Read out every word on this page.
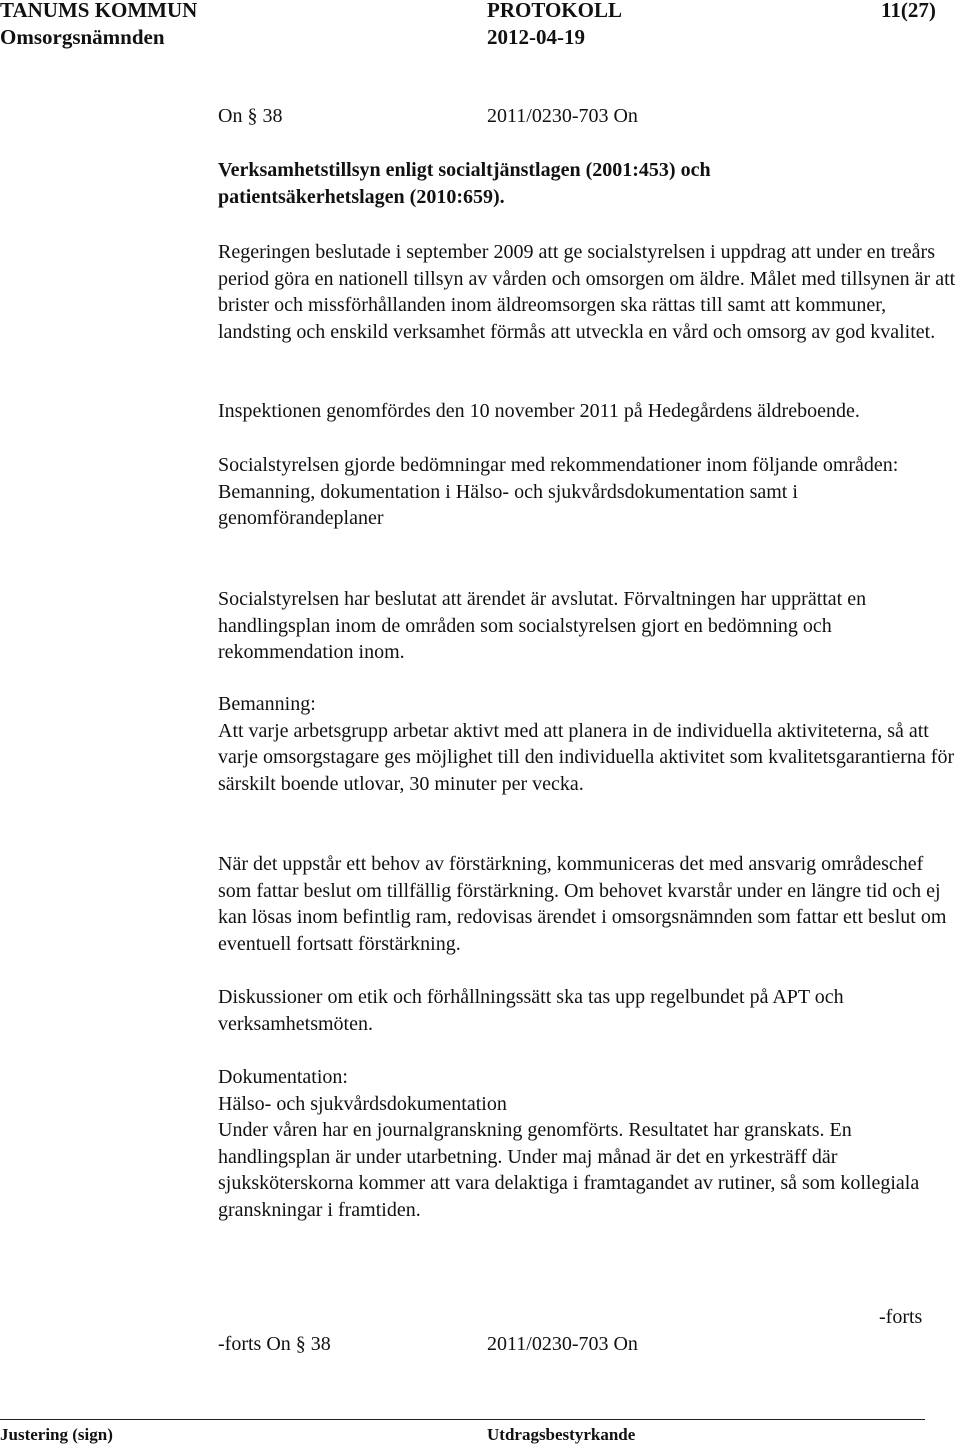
TANUMS KOMMUN
Omsorgsnämnden
PROTOKOLL
2012-04-19
11(27)
On § 38	2011/0230-703 On

Verksamhetstillsyn enligt socialtjänstlagen (2001:453) och

patientsäkerhetslagen (2010:659).

Regeringen beslutade i september 2009 att ge socialstyrelsen i uppdrag att under en treårs period göra en nationell tillsyn av vården och omsorgen om äldre. Målet med tillsynen är att brister och missförhållanden inom äldreomsorgen ska rättas till samt att kommuner, landsting och enskild verksamhet förmås att utveckla en vård och omsorg av god kvalitet.

Inspektionen genomfördes den 10 november 2011 på Hedegårdens äldreboende.

Socialstyrelsen gjorde bedömningar med rekommendationer inom följande områden:

Bemanning, dokumentation i Hälso- och sjukvårdsdokumentation samt i genomförandeplaner

Socialstyrelsen har beslutat att ärendet är avslutat. Förvaltningen har upprättat en handlingsplan inom de områden som socialstyrelsen gjort en bedömning och rekommendation inom.

Bemanning:

Att varje arbetsgrupp arbetar aktivt med att planera in de individuella aktiviteterna, så att varje omsorgstagare ges möjlighet till den individuella aktivitet som kvalitetsgarantierna för särskilt boende utlovar, 30 minuter per vecka.

När det uppstår ett behov av förstärkning, kommuniceras det med ansvarig områdeschef som fattar beslut om tillfällig förstärkning. Om behovet kvarstår under en längre tid och ej kan lösas inom befintlig ram, redovisas ärendet i omsorgsnämnden som fattar ett beslut om eventuell fortsatt förstärkning.

Diskussioner om etik och förhållningssätt ska tas upp regelbundet på APT och verksamhetsmöten.

Dokumentation:

Hälso- och sjukvårdsdokumentation

Under våren har en journalgranskning genomförts. Resultatet har granskats. En handlingsplan är under utarbetning. Under maj månad är det en yrkesträff där sjuksköterskorna kommer att vara delaktiga i framtagandet av rutiner, så som kollegiala granskningar i framtiden.

-forts
-forts On § 38	2011/0230-703 On
Justering (sign)	Utdragsbestyrkande
